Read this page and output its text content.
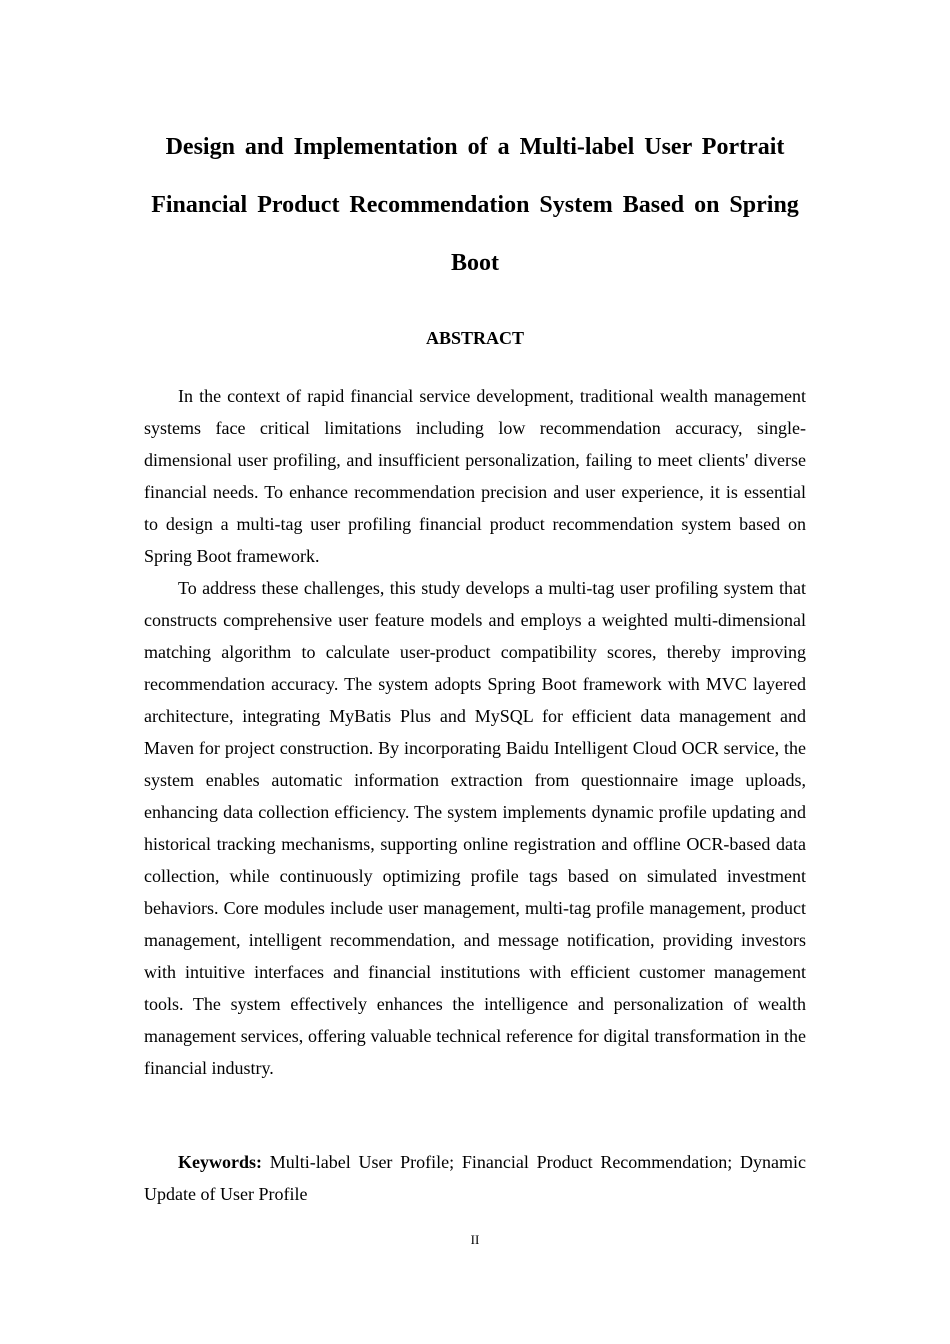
Design and Implementation of a Multi-label User Portrait Financial Product Recommendation System Based on Spring Boot
ABSTRACT

In the context of rapid financial service development, traditional wealth management systems face critical limitations including low recommendation accuracy, single-dimensional user profiling, and insufficient personalization, failing to meet clients' diverse financial needs. To enhance recommendation precision and user experience, it is essential to design a multi-tag user profiling financial product recommendation system based on Spring Boot framework.

To address these challenges, this study develops a multi-tag user profiling system that constructs comprehensive user feature models and employs a weighted multi-dimensional matching algorithm to calculate user-product compatibility scores, thereby improving recommendation accuracy. The system adopts Spring Boot framework with MVC layered architecture, integrating MyBatis Plus and MySQL for efficient data management and Maven for project construction. By incorporating Baidu Intelligent Cloud OCR service, the system enables automatic information extraction from questionnaire image uploads, enhancing data collection efficiency. The system implements dynamic profile updating and historical tracking mechanisms, supporting online registration and offline OCR-based data collection, while continuously optimizing profile tags based on simulated investment behaviors. Core modules include user management, multi-tag profile management, product management, intelligent recommendation, and message notification, providing investors with intuitive interfaces and financial institutions with efficient customer management tools. The system effectively enhances the intelligence and personalization of wealth management services, offering valuable technical reference for digital transformation in the financial industry.

Keywords: Multi-label User Profile; Financial Product Recommendation; Dynamic Update of User Profile

II
